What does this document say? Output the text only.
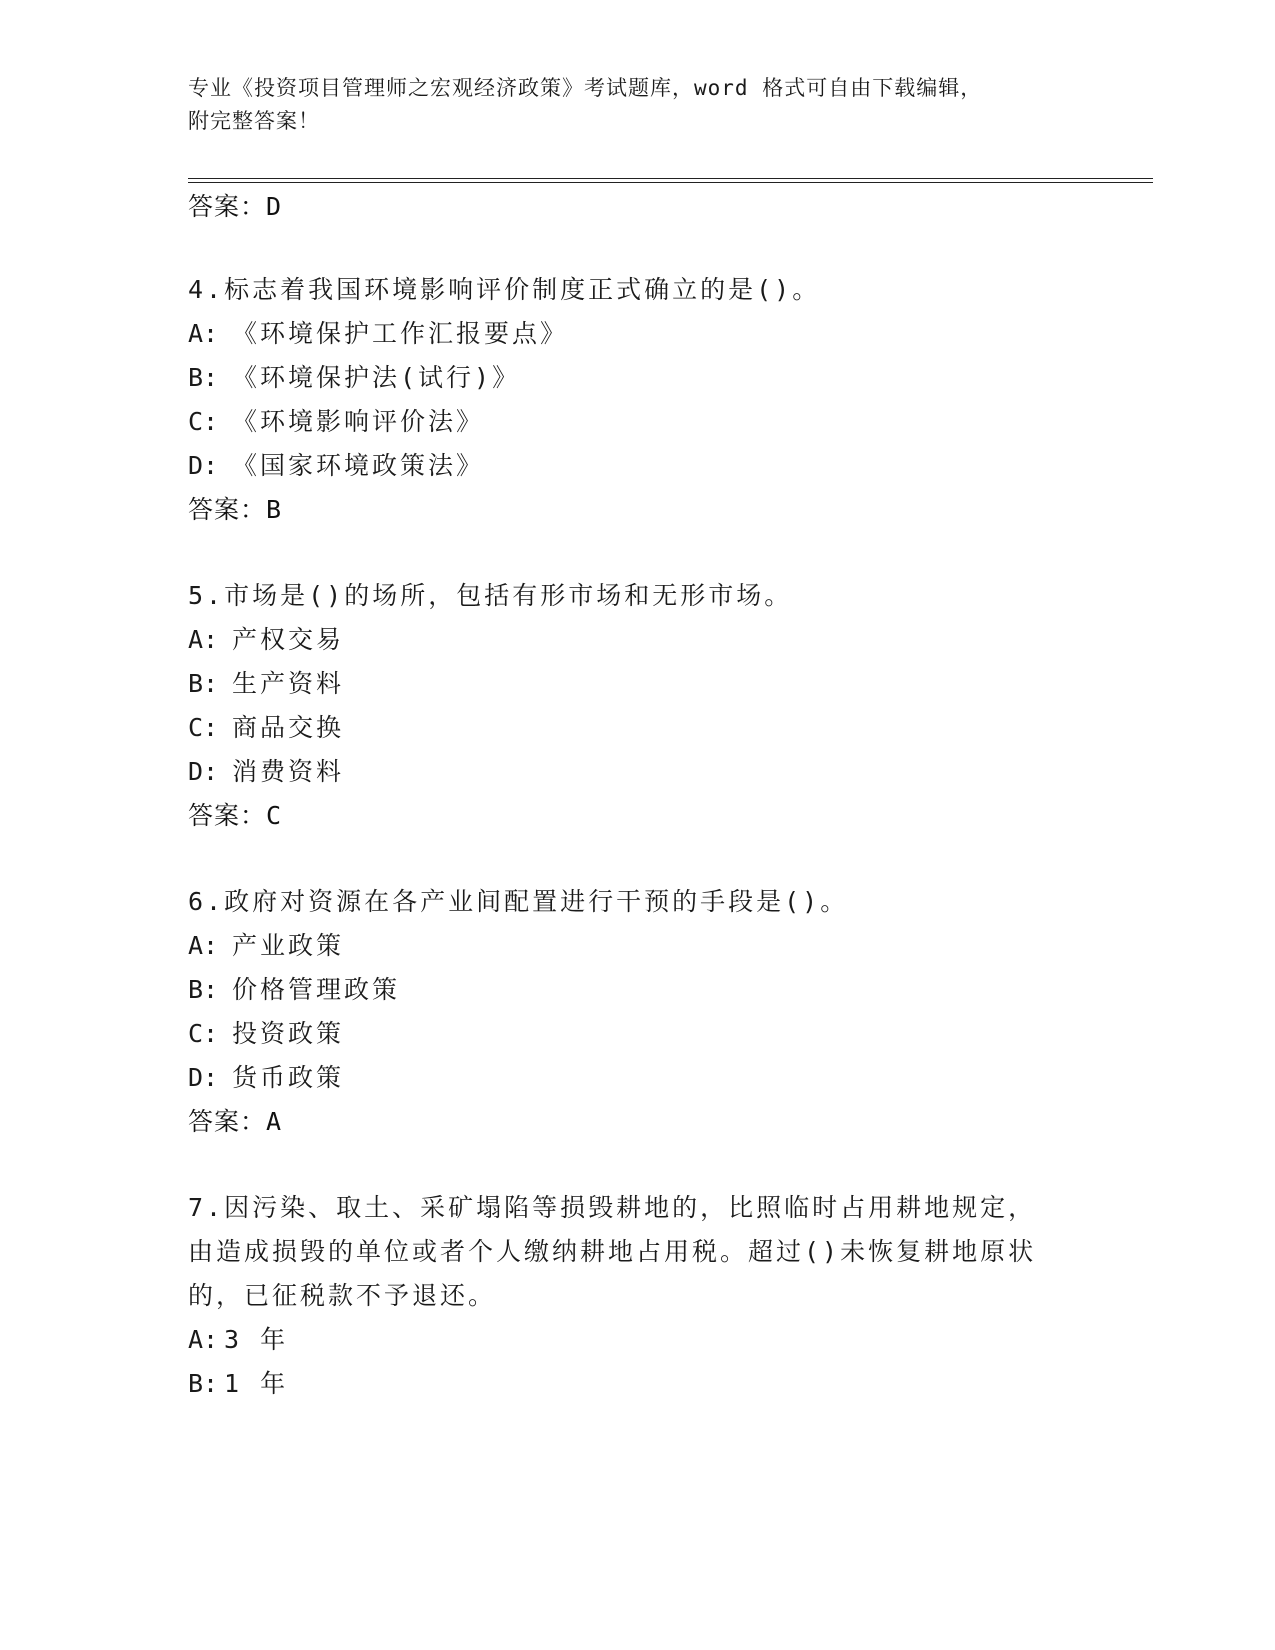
专业《投资项目管理师之宏观经济政策》考试题库，word 格式可自由下载编辑，
附完整答案！
答案：D
4.标志着我国环境影响评价制度正式确立的是()。
A: 《环境保护工作汇报要点》
B: 《环境保护法(试行)》
C: 《环境影响评价法》
D: 《国家环境政策法》
答案：B
5.市场是()的场所，包括有形市场和无形市场。
A: 产权交易
B: 生产资料
C: 商品交换
D: 消费资料
答案：C
6.政府对资源在各产业间配置进行干预的手段是()。
A: 产业政策
B: 价格管理政策
C: 投资政策
D: 货币政策
答案：A
7.因污染、取土、采矿塌陷等损毁耕地的，比照临时占用耕地规定，
由造成损毁的单位或者个人缴纳耕地占用税。超过()未恢复耕地原状
的，已征税款不予退还。
A: 3 年
B: 1 年
